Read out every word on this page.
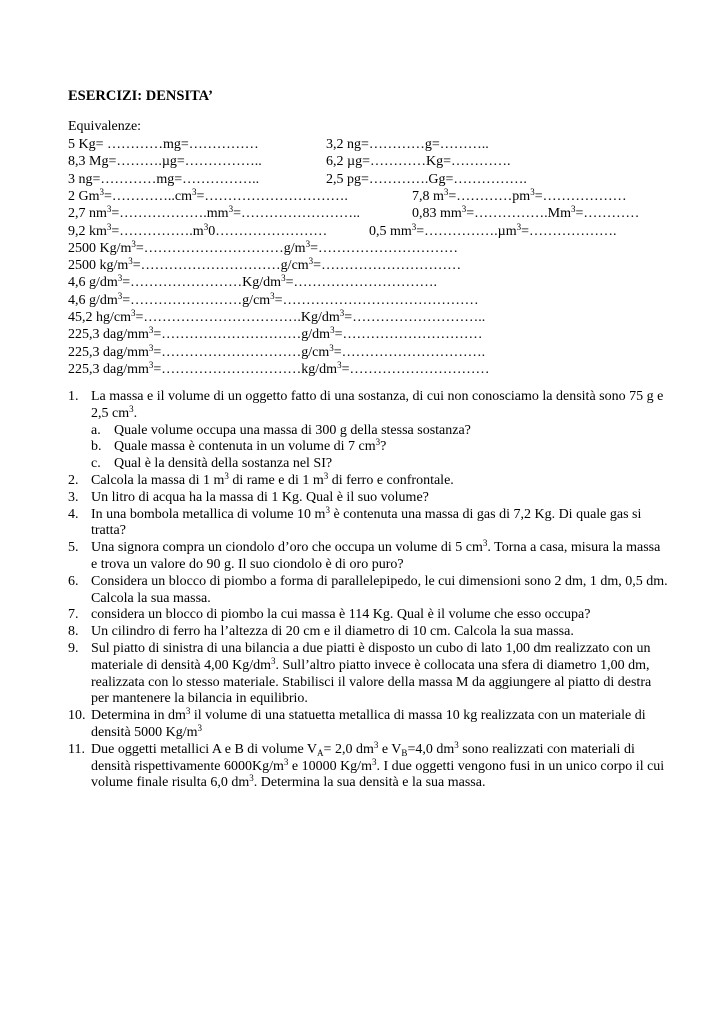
ESERCIZI: DENSITA’
Equivalenze:
5 Kg= …………mg=……………	3,2 ng=…………g=………..
8,3 Mg=……….µg=……………..	6,2 µg=…………Kg=………….
3 ng=…………mg=……………..	2,5 pg=………….Gg=…………….
2 $Gm^3=\dots\dots\dots\dots..cm^3=\dots\dots\dots\dots\dots\dots\dots\dots\dots\dots$.	7,8 $m^3=\dots\dots\dots\dots pm^3=\dots\dots\dots\dots\dots\dots$
2,7 $nm^3=\dots\dots\dots\dots\dots\dots.mm^3=\dots\dots\dots\dots\dots\dots\dots\dots$..	0,83 $mm^3=\dots\dots\dots\dots\dots.Mm^3=\dots\dots\dots\dots$
9,2 $km^3=\dots\dots\dots\dots\dots.m^30\dots\dots\dots\dots\dots\dots\dots\dots$	0,5 $mm^3=\dots\dots\dots\dots\dots.\mu m^3=\dots\dots\dots\dots\dots\dots$.
2500 $Kg/m^3=\dots\dots\dots\dots\dots\dots\dots\dots\dots\dots g/m^3=\dots\dots\dots\dots\dots\dots\dots\dots\dots\dots$
2500 $kg/m^3=\dots\dots\dots\dots\dots\dots\dots\dots\dots\dots g/cm^3=\dots\dots\dots\dots\dots\dots\dots\dots\dots\dots$
4,6 $g/dm^3=\dots\dots\dots\dots\dots\dots\dots\dots Kg/dm^3=\dots\dots\dots\dots\dots\dots\dots\dots\dots\dots$.
4,6 $g/dm^3=\dots\dots\dots\dots\dots\dots\dots\dots g/cm^3=\dots\dots\dots\dots\dots\dots\dots\dots\dots\dots\dots\dots\dots\dots$
45,2 $hg/cm^3=\dots\dots\dots\dots\dots\dots\dots\dots\dots\dots\dots.Kg/dm^3=\dots\dots\dots\dots\dots\dots\dots\dots\dots$..
225,3 dag/$mm^3=\dots\dots\dots\dots\dots\dots\dots\dots\dots\dots g/dm^3=\dots\dots\dots\dots\dots\dots\dots\dots\dots\dots$
225,3 dag/$mm^3=\dots\dots\dots\dots\dots\dots\dots\dots\dots\dots g/cm^3=\dots\dots\dots\dots\dots\dots\dots\dots\dots\dots$.
225,3 dag/$mm^3=\dots\dots\dots\dots\dots\dots\dots\dots\dots\dots kg/dm^3=\dots\dots\dots\dots\dots\dots\dots\dots\dots\dots$
1. La massa e il volume di un oggetto fatto di una sostanza, di cui non conosciamo la densità sono 75 g e 2,5 $cm^3$.
a. Quale volume occupa una massa di 300 g della stessa sostanza?
b. Quale massa è contenuta in un volume di 7 $cm^3$?
c. Qual è la densità della sostanza nel SI?
2. Calcola la massa di 1 $m^3$ di rame e di 1 $m^3$ di ferro e confrontale.
3. Un litro di acqua ha la massa di 1 Kg. Qual è il suo volume?
4. In una bombola metallica di volume 10 $m^3$ è contenuta una massa di gas di 7,2 Kg. Di quale gas si tratta?
5. Una signora compra un ciondolo d’oro che occupa un volume di 5 $cm^3$. Torna a casa, misura la massa e trova un valore do 90 g. Il suo ciondolo è di oro puro?
6. Considera un blocco di piombo a forma di parallelepipedo, le cui dimensioni sono 2 dm, 1 dm, 0,5 dm. Calcola la sua massa.
7. considera un blocco di piombo la cui massa è 114 Kg. Qual è il volume che esso occupa?
8. Un cilindro di ferro ha l’altezza di 20 cm e il diametro di 10 cm. Calcola la sua massa.
9. Sul piatto di sinistra di una bilancia a due piatti è disposto un cubo di lato 1,00 dm realizzato con un materiale di densità 4,00 $Kg/dm^3$. Sull’altro piatto invece è collocata una sfera di diametro 1,00 dm, realizzata con lo stesso materiale. Stabilisci il valore della massa M da aggiungere al piatto di destra per mantenere la bilancia in equilibrio.
10. Determina in $dm^3$ il volume di una statuetta metallica di massa 10 kg realizzata con un materiale di densità 5000 $Kg/m^3$
11. Due oggetti metallici A e B di volume $V_A= 2,0$ $dm^3$ e $V_B=4,0$ $dm^3$ sono realizzati con materiali di densità rispettivamente $6000Kg/m^3$ e 10000 $Kg/m^3$. I due oggetti vengono fusi in un unico corpo il cui volume finale risulta 6,0 $dm^3$. Determina la sua densità e la sua massa.
